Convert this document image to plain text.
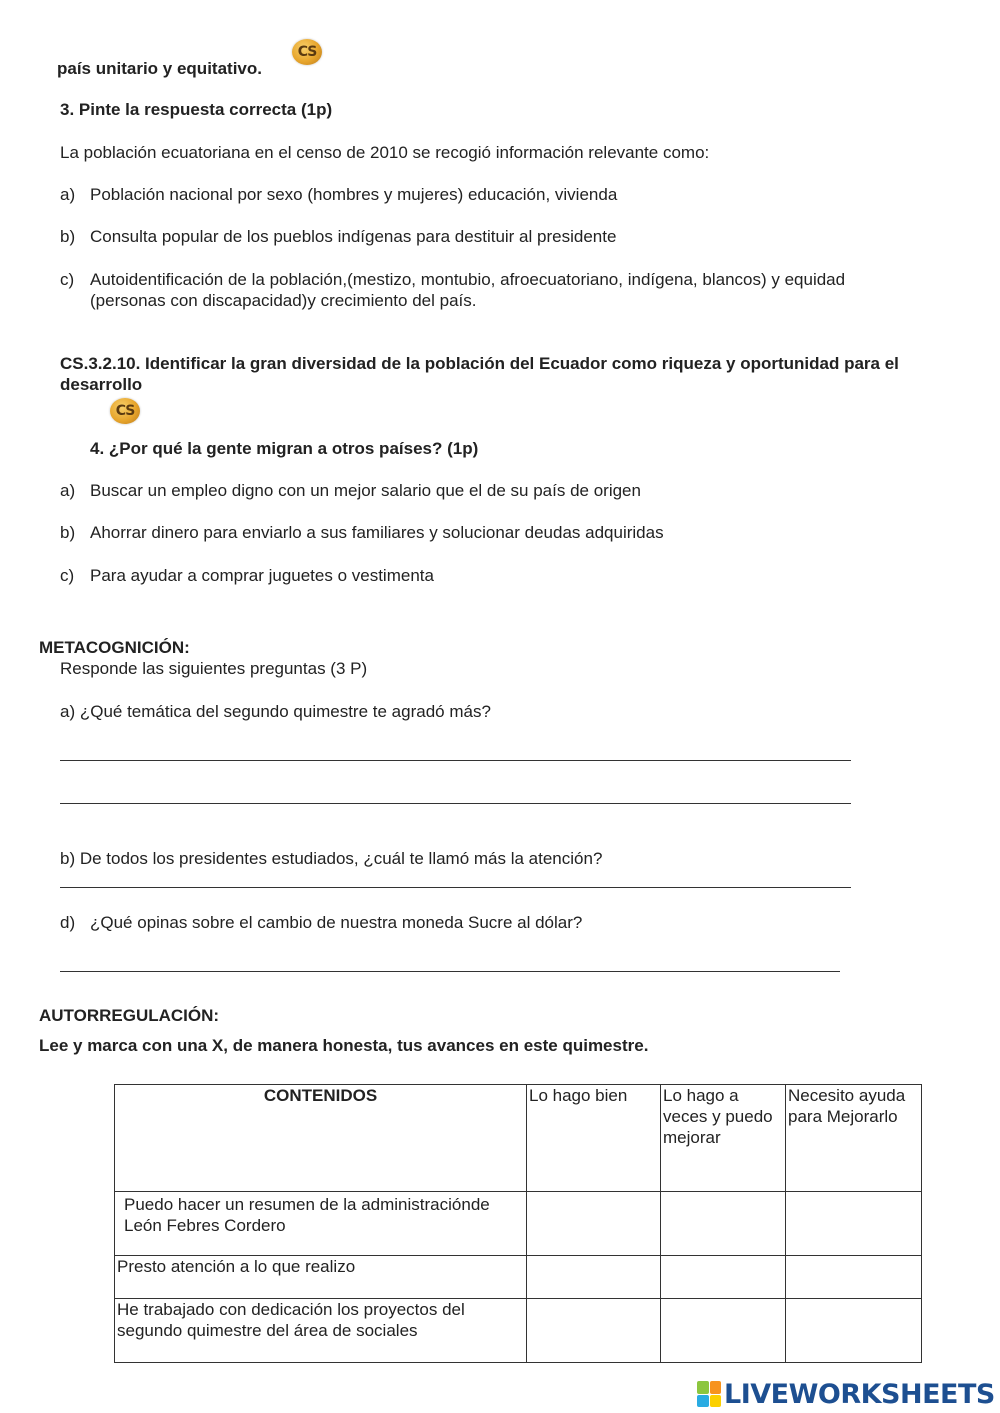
país unitario y equitativo.
CS
3. Pinte la respuesta correcta (1p)
La población ecuatoriana en el censo de 2010 se recogió información relevante como:
a) Población nacional por sexo (hombres y mujeres) educación, vivienda
b) Consulta popular de los pueblos indígenas para destituir al presidente
c) Autoidentificación de la población,(mestizo, montubio, afroecuatoriano, indígena, blancos) y equidad
(personas con discapacidad)y crecimiento del país.
CS.3.2.10. Identificar la gran diversidad de la población del Ecuador como riqueza y oportunidad para el
desarrollo
CS
4. ¿Por qué la gente migran a otros países? (1p)
a) Buscar un empleo digno con un mejor salario que el de su país de origen
b) Ahorrar dinero para enviarlo a sus familiares y solucionar deudas adquiridas
c) Para ayudar a comprar juguetes o vestimenta
METACOGNICIÓN:
Responde las siguientes preguntas (3 P)
a) ¿Qué temática del segundo quimestre te agradó más?
b) De todos los presidentes estudiados, ¿cuál te llamó más la atención?
d) ¿Qué opinas sobre el cambio de nuestra moneda Sucre al dólar?
AUTORREGULACIÓN:
Lee y marca con una X, de manera honesta, tus avances en este quimestre.
CONTENIDOS	Lo hago bien	Lo hago a veces y puedo mejorar	Necesito ayuda para Mejorarlo
Puedo hacer un resumen de la administraciónde León Febres Cordero			
Presto atención a lo que realizo			
He trabajado con dedicación los proyectos del segundo quimestre del área de sociales			
LIVEWORKSHEETS
